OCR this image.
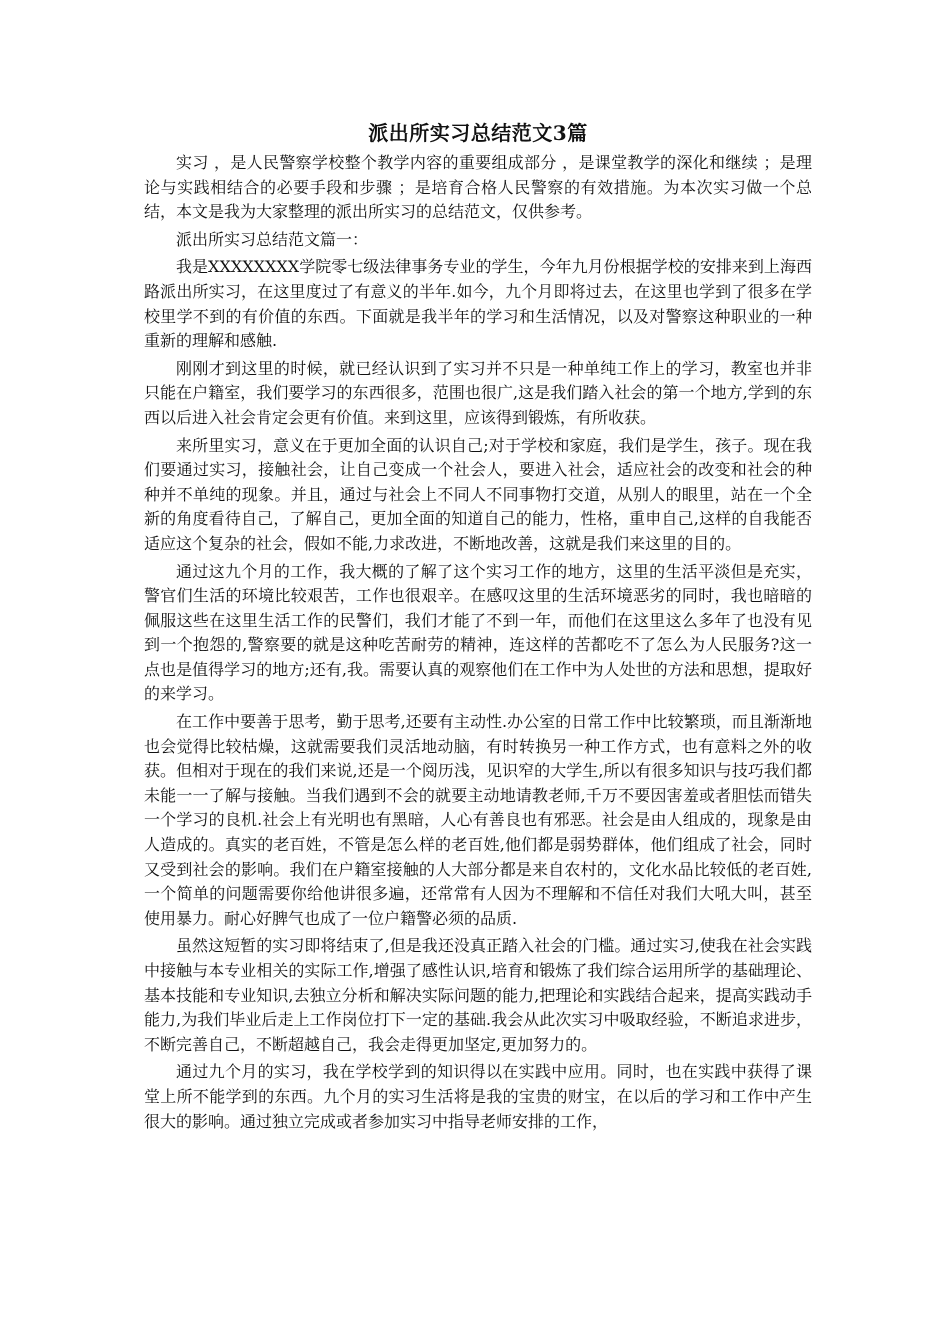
派出所实习总结范文3篇

实习 ，是人民警察学校整个教学内容的重要组成部分 ，是课堂教学的深化和继续 ；是理论与实践相结合的必要手段和步骤 ；是培育合格人民警察的有效措施。为本次实习做一个总结，本文是我为大家整理的派出所实习的总结范文，仅供参考。

派出所实习总结范文篇一：

我是XXXXXXXX学院零七级法律事务专业的学生，今年九月份根据学校的安排来到上海西路派出所实习，在这里度过了有意义的半年.如今，九个月即将过去，在这里也学到了很多在学校里学不到的有价值的东西。下面就是我半年的学习和生活情况，以及对警察这种职业的一种重新的理解和感触.

刚刚才到这里的时候，就已经认识到了实习并不只是一种单纯工作上的学习，教室也并非只能在户籍室，我们要学习的东西很多，范围也很广,这是我们踏入社会的第一个地方,学到的东西以后进入社会肯定会更有价值。来到这里，应该得到锻炼，有所收获。

来所里实习，意义在于更加全面的认识自己;对于学校和家庭，我们是学生，孩子。现在我们要通过实习，接触社会，让自己变成一个社会人，要进入社会，适应社会的改变和社会的种种并不单纯的现象。并且，通过与社会上不同人不同事物打交道，从别人的眼里，站在一个全新的角度看待自己，了解自己，更加全面的知道自己的能力，性格，重申自己,这样的自我能否适应这个复杂的社会，假如不能,力求改进，不断地改善，这就是我们来这里的目的。

通过这九个月的工作，我大概的了解了这个实习工作的地方，这里的生活平淡但是充实，警官们生活的环境比较艰苦，工作也很艰辛。在感叹这里的生活环境恶劣的同时，我也暗暗的佩服这些在这里生活工作的民警们，我们才能了不到一年，而他们在这里这么多年了也没有见到一个抱怨的,警察要的就是这种吃苦耐劳的精神，连这样的苦都吃不了怎么为人民服务?这一点也是值得学习的地方;还有,我。需要认真的观察他们在工作中为人处世的方法和思想，提取好的来学习。

在工作中要善于思考，勤于思考,还要有主动性.办公室的日常工作中比较繁琐，而且渐渐地也会觉得比较枯燥，这就需要我们灵活地动脑，有时转换另一种工作方式，也有意料之外的收获。但相对于现在的我们来说,还是一个阅历浅，见识窄的大学生,所以有很多知识与技巧我们都未能一一了解与接触。当我们遇到不会的就要主动地请教老师,千万不要因害羞或者胆怯而错失一个学习的良机.社会上有光明也有黑暗，人心有善良也有邪恶。社会是由人组成的，现象是由人造成的。真实的老百姓，不管是怎么样的老百姓,他们都是弱势群体，他们组成了社会，同时又受到社会的影响。我们在户籍室接触的人大部分都是来自农村的，文化水品比较低的老百姓,一个简单的问题需要你给他讲很多遍，还常常有人因为不理解和不信任对我们大吼大叫，甚至使用暴力。耐心好脾气也成了一位户籍警必须的品质.

虽然这短暂的实习即将结束了,但是我还没真正踏入社会的门槛。通过实习,使我在社会实践中接触与本专业相关的实际工作,增强了感性认识,培育和锻炼了我们综合运用所学的基础理论、基本技能和专业知识,去独立分析和解决实际问题的能力,把理论和实践结合起来，提高实践动手能力,为我们毕业后走上工作岗位打下一定的基础.我会从此次实习中吸取经验，不断追求进步，不断完善自己，不断超越自己，我会走得更加坚定,更加努力的。

通过九个月的实习，我在学校学到的知识得以在实践中应用。同时，也在实践中获得了课堂上所不能学到的东西。九个月的实习生活将是我的宝贵的财宝，在以后的学习和工作中产生很大的影响。通过独立完成或者参加实习中指导老师安排的工作，
